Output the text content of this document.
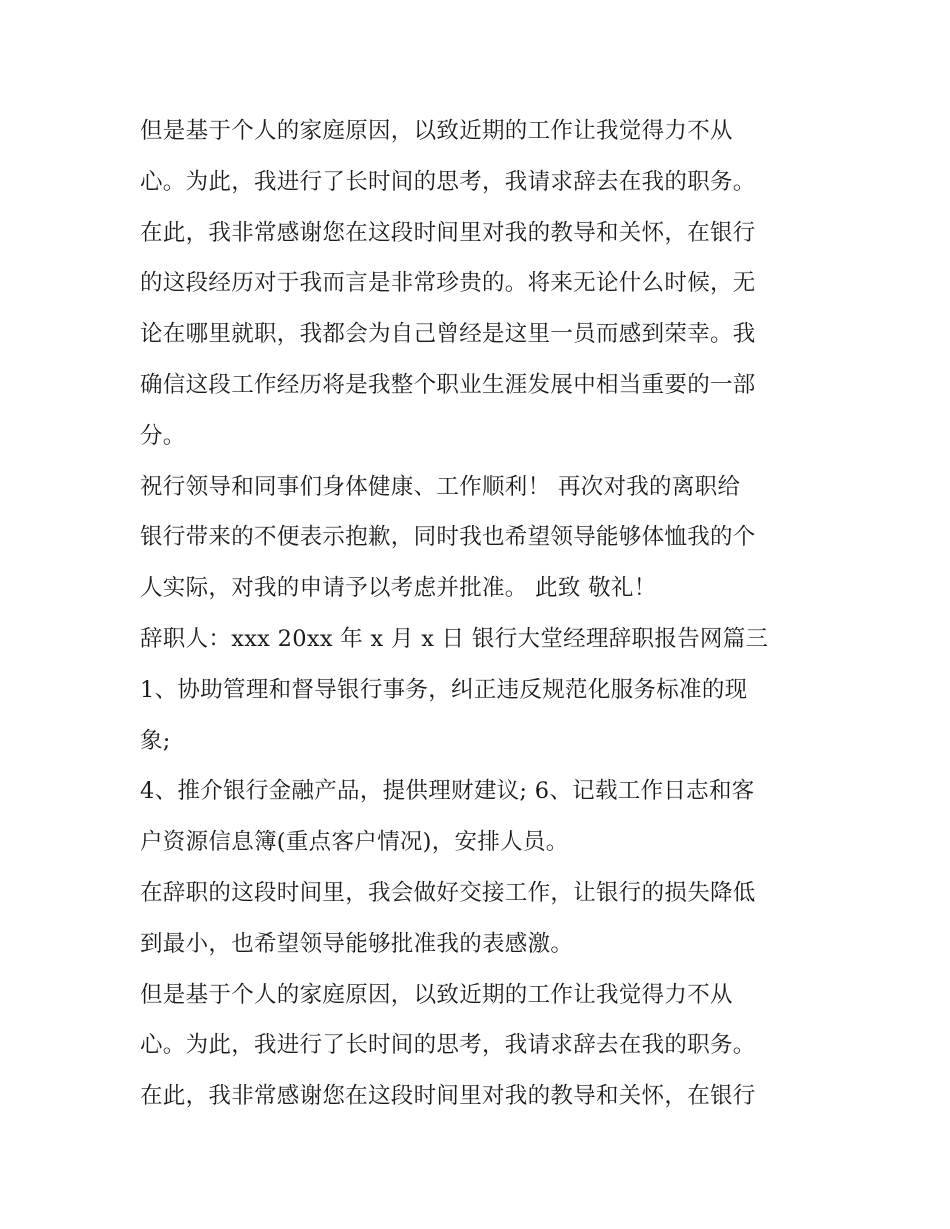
但是基于个人的家庭原因，以致近期的工作让我觉得力不从
心。为此，我进行了长时间的思考，我请求辞去在我的职务。
在此，我非常感谢您在这段时间里对我的教导和关怀，在银行
的这段经历对于我而言是非常珍贵的。将来无论什么时候，无
论在哪里就职，我都会为自己曾经是这里一员而感到荣幸。我
确信这段工作经历将是我整个职业生涯发展中相当重要的一部
分。
祝行领导和同事们身体健康、工作顺利！ 再次对我的离职给
银行带来的不便表示抱歉，同时我也希望领导能够体恤我的个
人实际，对我的申请予以考虑并批准。 此致 敬礼！
辞职人：xxx 20xx 年 x 月 x 日 银行大堂经理辞职报告网篇三
1、协助管理和督导银行事务，纠正违反规范化服务标准的现
象;
4、推介银行金融产品，提供理财建议; 6、记载工作日志和客
户资源信息簿(重点客户情况)，安排人员。
在辞职的这段时间里，我会做好交接工作，让银行的损失降低
到最小，也希望领导能够批准我的表感激。
但是基于个人的家庭原因，以致近期的工作让我觉得力不从
心。为此，我进行了长时间的思考，我请求辞去在我的职务。
在此，我非常感谢您在这段时间里对我的教导和关怀，在银行
